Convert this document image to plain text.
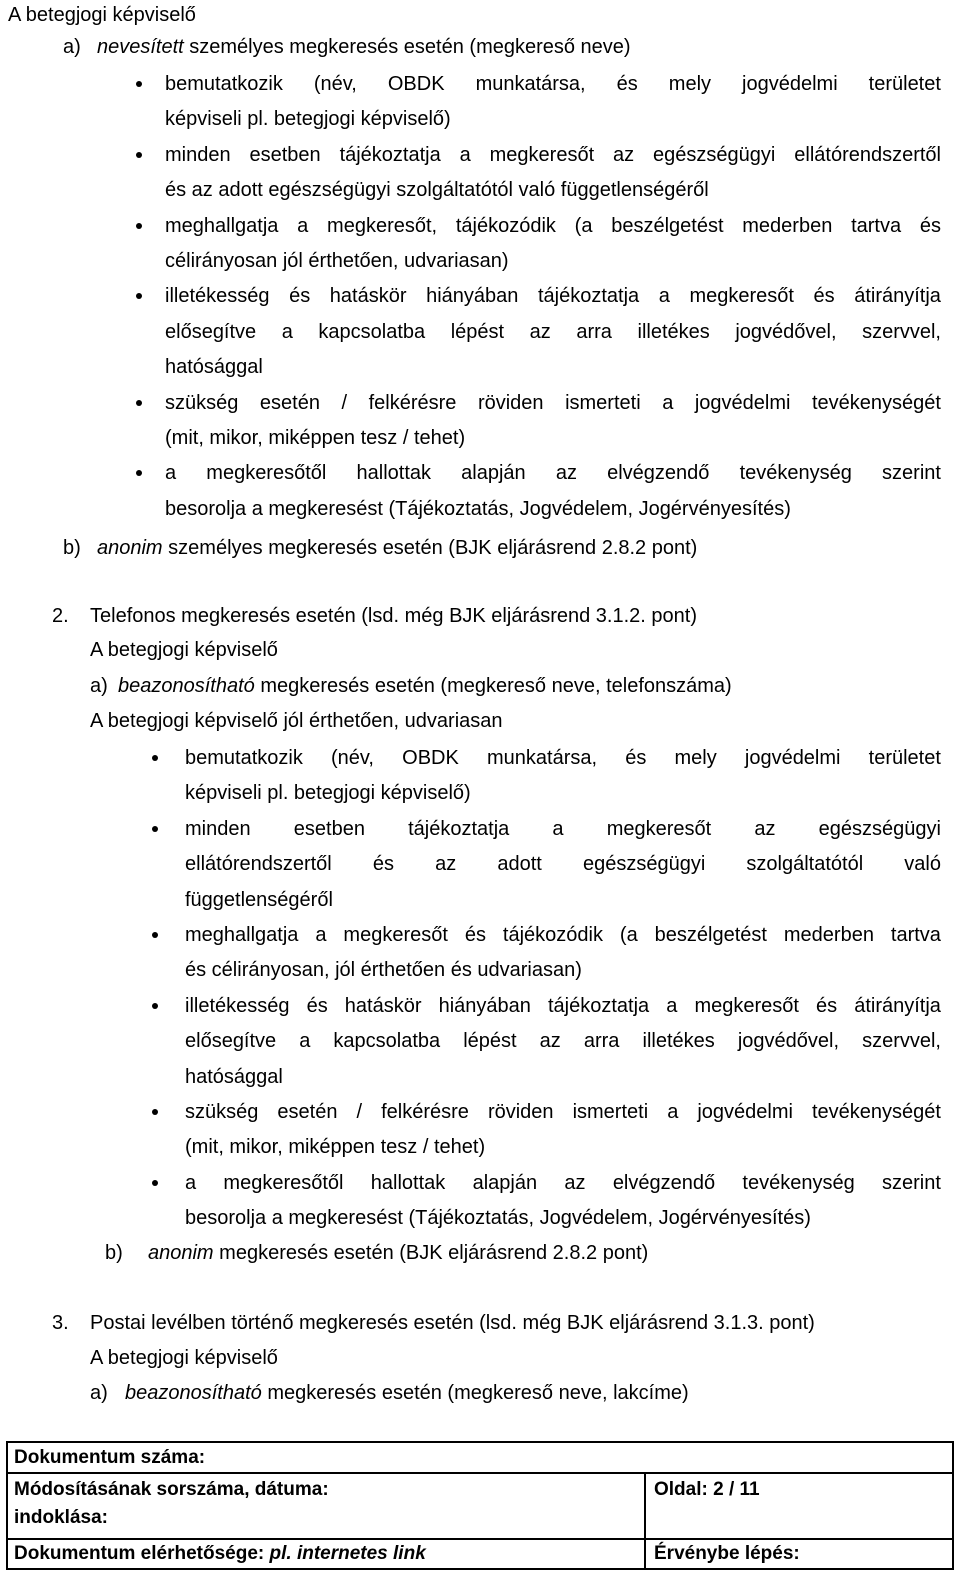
A betegjogi képviselő
a) nevesített személyes megkeresés esetén (megkereső neve)
bemutatkozik (név, OBDK munkatársa, és mely jogvédelmi területet
képviseli pl. betegjogi képviselő)
minden esetben tájékoztatja a megkeresőt az egészségügyi ellátórendszertől
és az adott egészségügyi szolgáltatótól való függetlenségéről
meghallgatja a megkeresőt, tájékozódik (a beszélgetést mederben tartva és
célirányosan jól érthetően, udvariasan)
illetékesség és hatáskör hiányában tájékoztatja a megkeresőt és átirányítja
elősegítve a kapcsolatba lépést az arra illetékes jogvédővel, szervvel,
hatósággal
szükség esetén / felkérésre röviden ismerteti a jogvédelmi tevékenységét
(mit, mikor, miképpen tesz / tehet)
a megkeresőtől hallottak alapján az elvégzendő tevékenység szerint
besorolja a megkeresést (Tájékoztatás, Jogvédelem, Jogérvényesítés)
b) anonim személyes megkeresés esetén (BJK eljárásrend 2.8.2 pont)
2. Telefonos megkeresés esetén (lsd. még BJK eljárásrend 3.1.2. pont)
A betegjogi képviselő
a) beazonosítható megkeresés esetén (megkereső neve, telefonszáma)
A betegjogi képviselő jól érthetően, udvariasan
bemutatkozik (név, OBDK munkatársa, és mely jogvédelmi területet
képviseli pl. betegjogi képviselő)
minden esetben tájékoztatja a megkeresőt az egészségügyi
ellátórendszertől és az adott egészségügyi szolgáltatótól való
függetlenségéről
meghallgatja a megkeresőt és tájékozódik (a beszélgetést mederben tartva
és célirányosan, jól érthetően és udvariasan)
illetékesség és hatáskör hiányában tájékoztatja a megkeresőt és átirányítja
elősegítve a kapcsolatba lépést az arra illetékes jogvédővel, szervvel,
hatósággal
szükség esetén / felkérésre röviden ismerteti a jogvédelmi tevékenységét
(mit, mikor, miképpen tesz / tehet)
a megkeresőtől hallottak alapján az elvégzendő tevékenység szerint
besorolja a megkeresést (Tájékoztatás, Jogvédelem, Jogérvényesítés)
b) anonim megkeresés esetén (BJK eljárásrend 2.8.2 pont)
3. Postai levélben történő megkeresés esetén (lsd. még BJK eljárásrend 3.1.3. pont)
A betegjogi képviselő
a) beazonosítható megkeresés esetén (megkereső neve, lakcíme)
Dokumentum száma:
Módosításának sorszáma, dátuma:
indoklása:
Oldal: 2 / 11
Dokumentum elérhetősége: pl. internetes link	Érvénybe lépés:
